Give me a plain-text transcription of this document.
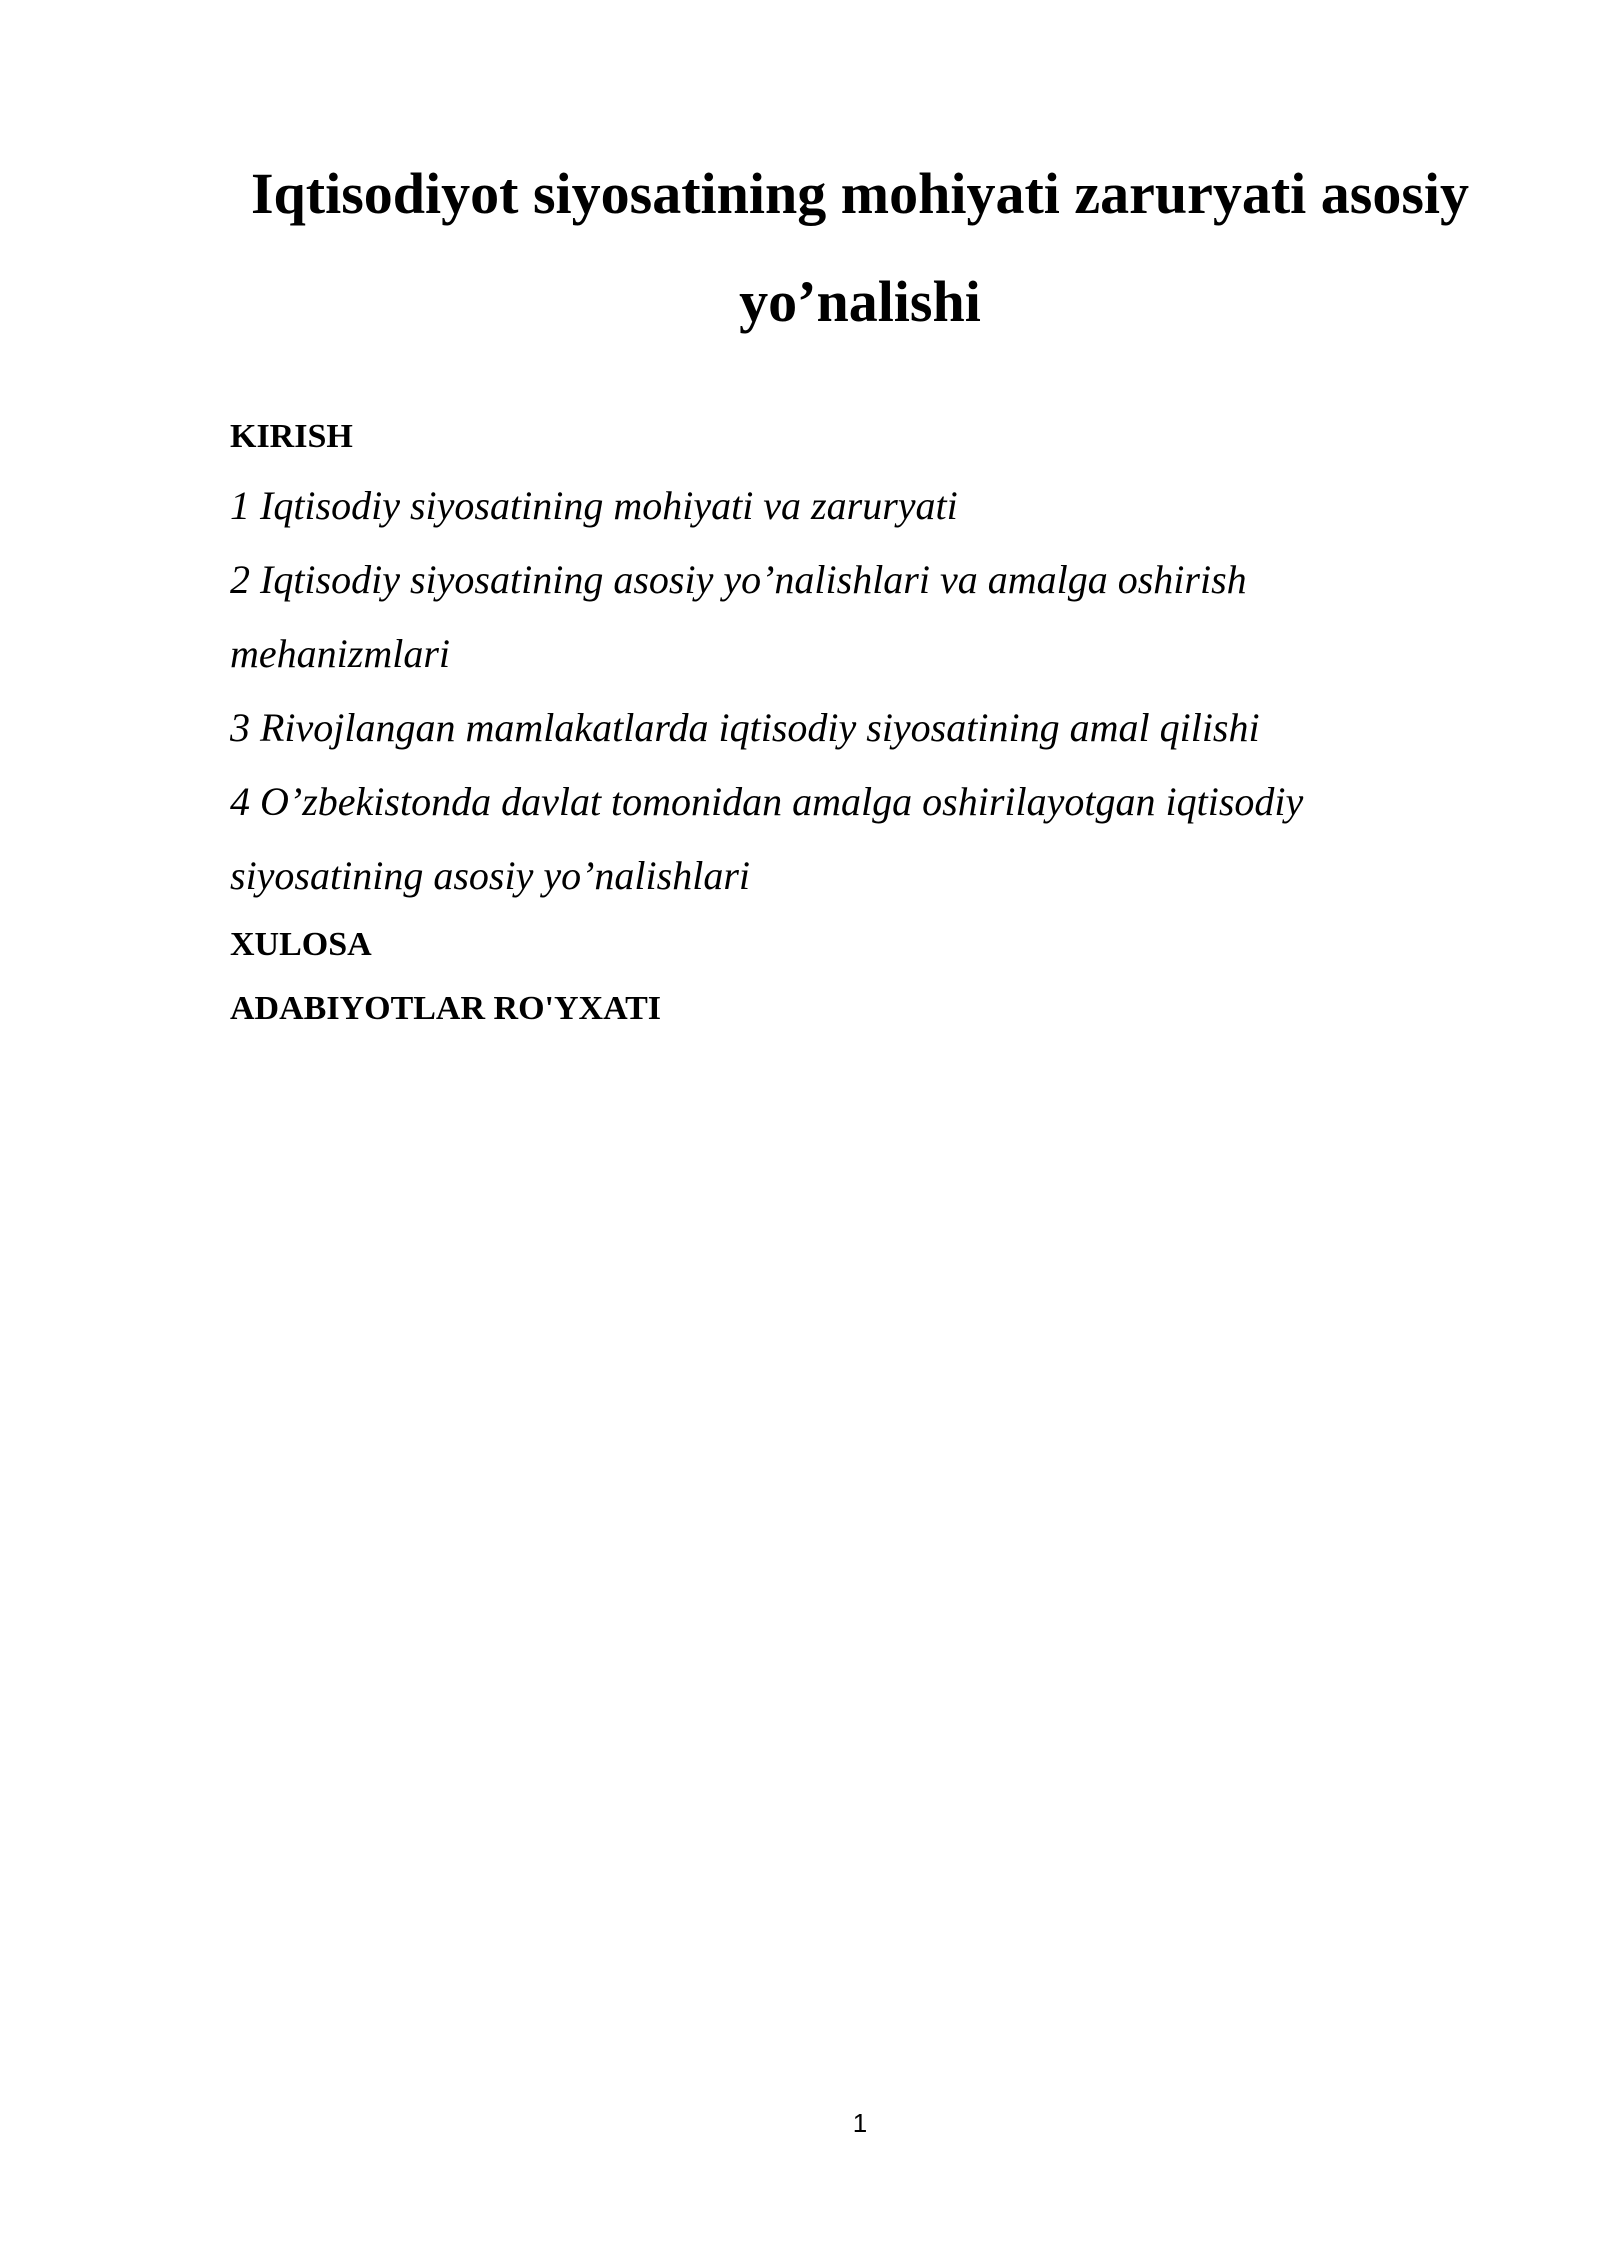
Iqtisodiyot siyosatining mohiyati zaruryati asosiy
yo’nalishi
KIRISH
1 Iqtisodiy siyosatining mohiyati va zaruryati
2 Iqtisodiy siyosatining asosiy yo’nalishlari va amalga oshirish
mehanizmlari
3 Rivojlangan mamlakatlarda iqtisodiy siyosatining amal qilishi
4 O’zbekistonda davlat tomonidan amalga oshirilayotgan iqtisodiy
siyosatining asosiy yo’nalishlari
XULOSA
ADABIYOTLAR RO'YXATI
1
